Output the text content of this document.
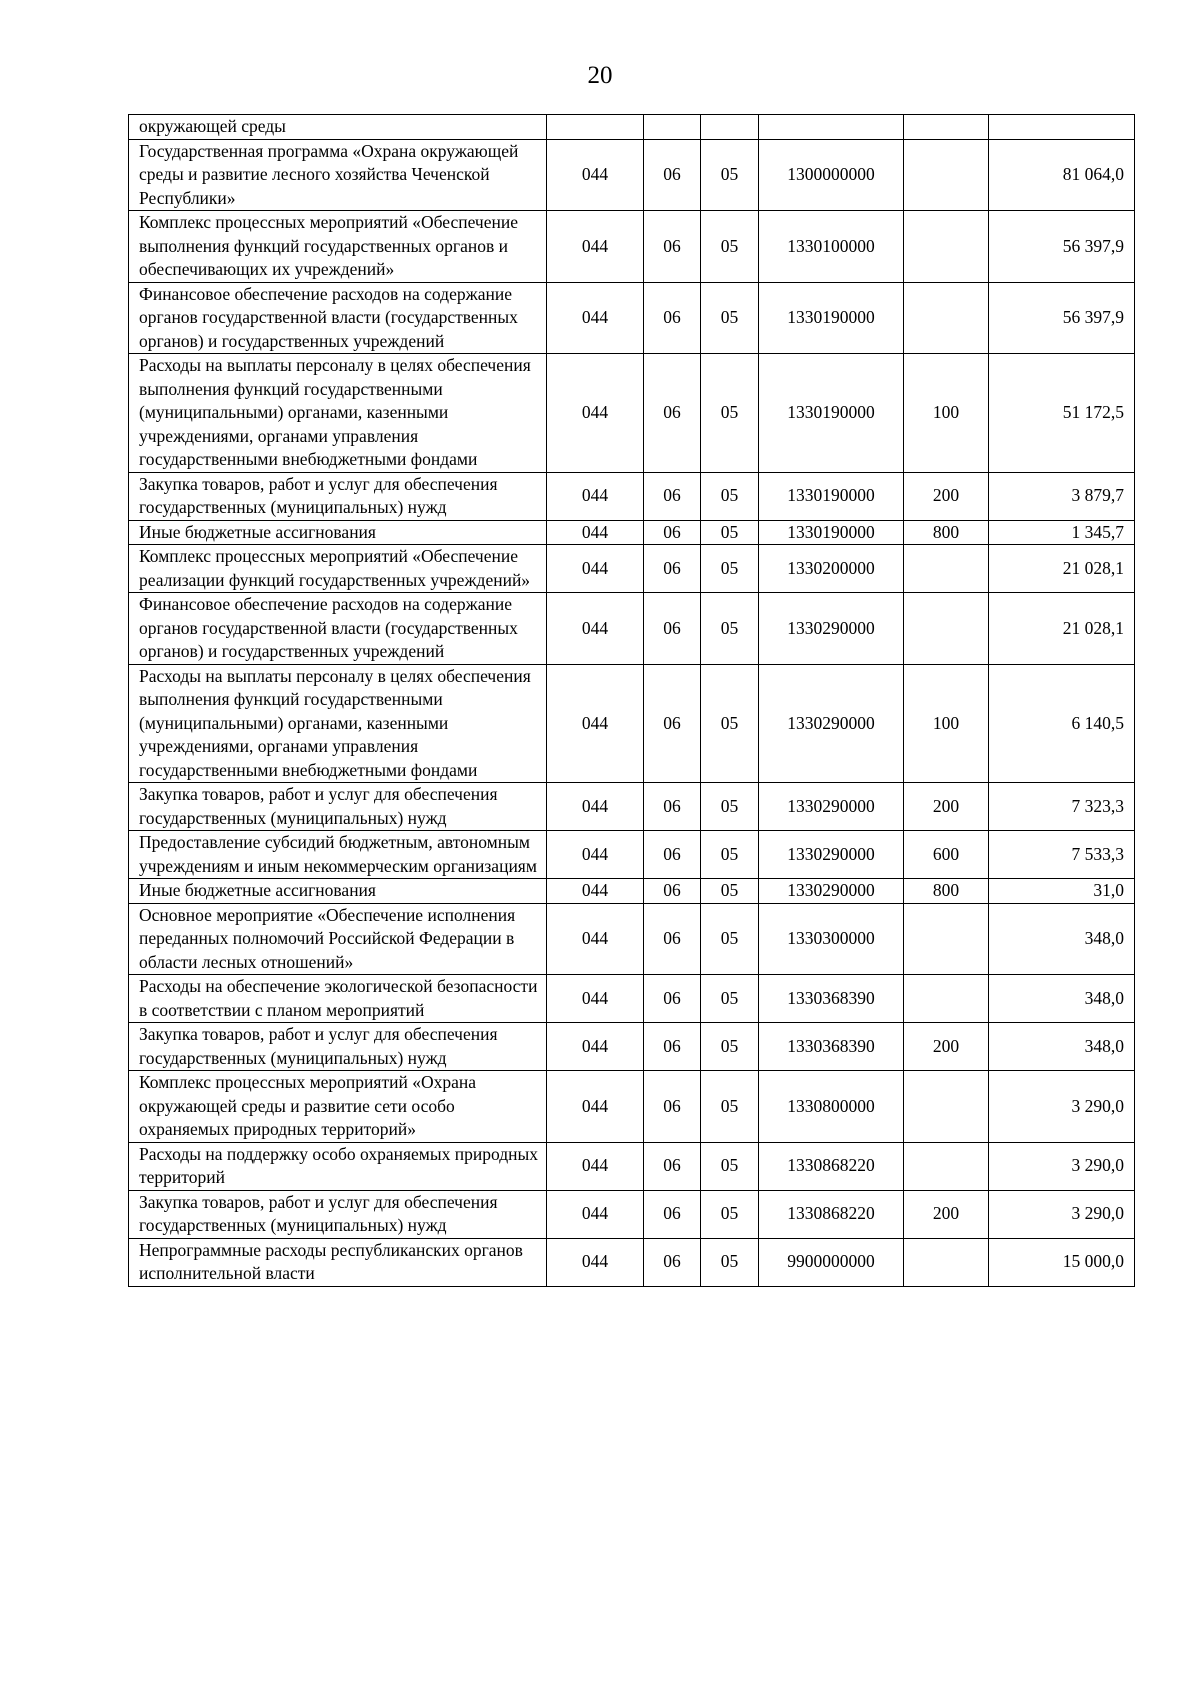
20
окружающей среды						
Государственная программа «Охрана окружающей среды и развитие лесного хозяйства Чеченской Республики»	044	06	05	1300000000		81 064,0
Комплекс процессных мероприятий «Обеспечение выполнения функций государственных органов и обеспечивающих их учреждений»	044	06	05	1330100000		56 397,9
Финансовое обеспечение расходов на содержание органов государственной власти (государственных органов) и государственных учреждений	044	06	05	1330190000		56 397,9
Расходы на выплаты персоналу в целях обеспечения выполнения функций государственными (муниципальными) органами, казенными учреждениями, органами управления государственными внебюджетными фондами	044	06	05	1330190000	100	51 172,5
Закупка товаров, работ и услуг для обеспечения государственных (муниципальных) нужд	044	06	05	1330190000	200	3 879,7
Иные бюджетные ассигнования	044	06	05	1330190000	800	1 345,7
Комплекс процессных мероприятий «Обеспечение реализации функций государственных учреждений»	044	06	05	1330200000		21 028,1
Финансовое обеспечение расходов на содержание органов государственной власти (государственных органов) и государственных учреждений	044	06	05	1330290000		21 028,1
Расходы на выплаты персоналу в целях обеспечения выполнения функций государственными (муниципальными) органами, казенными учреждениями, органами управления государственными внебюджетными фондами	044	06	05	1330290000	100	6 140,5
Закупка товаров, работ и услуг для обеспечения государственных (муниципальных) нужд	044	06	05	1330290000	200	7 323,3
Предоставление субсидий бюджетным, автономным учреждениям и иным некоммерческим организациям	044	06	05	1330290000	600	7 533,3
Иные бюджетные ассигнования	044	06	05	1330290000	800	31,0
Основное мероприятие «Обеспечение исполнения переданных полномочий Российской Федерации в области лесных отношений»	044	06	05	1330300000		348,0
Расходы на обеспечение экологической безопасности в соответствии с планом мероприятий	044	06	05	1330368390		348,0
Закупка товаров, работ и услуг для обеспечения государственных (муниципальных) нужд	044	06	05	1330368390	200	348,0
Комплекс процессных мероприятий «Охрана окружающей среды и развитие сети особо охраняемых природных территорий»	044	06	05	1330800000		3 290,0
Расходы на поддержку особо охраняемых природных территорий	044	06	05	1330868220		3 290,0
Закупка товаров, работ и услуг для обеспечения государственных (муниципальных) нужд	044	06	05	1330868220	200	3 290,0
Непрограммные расходы республиканских органов исполнительной власти	044	06	05	9900000000		15 000,0
